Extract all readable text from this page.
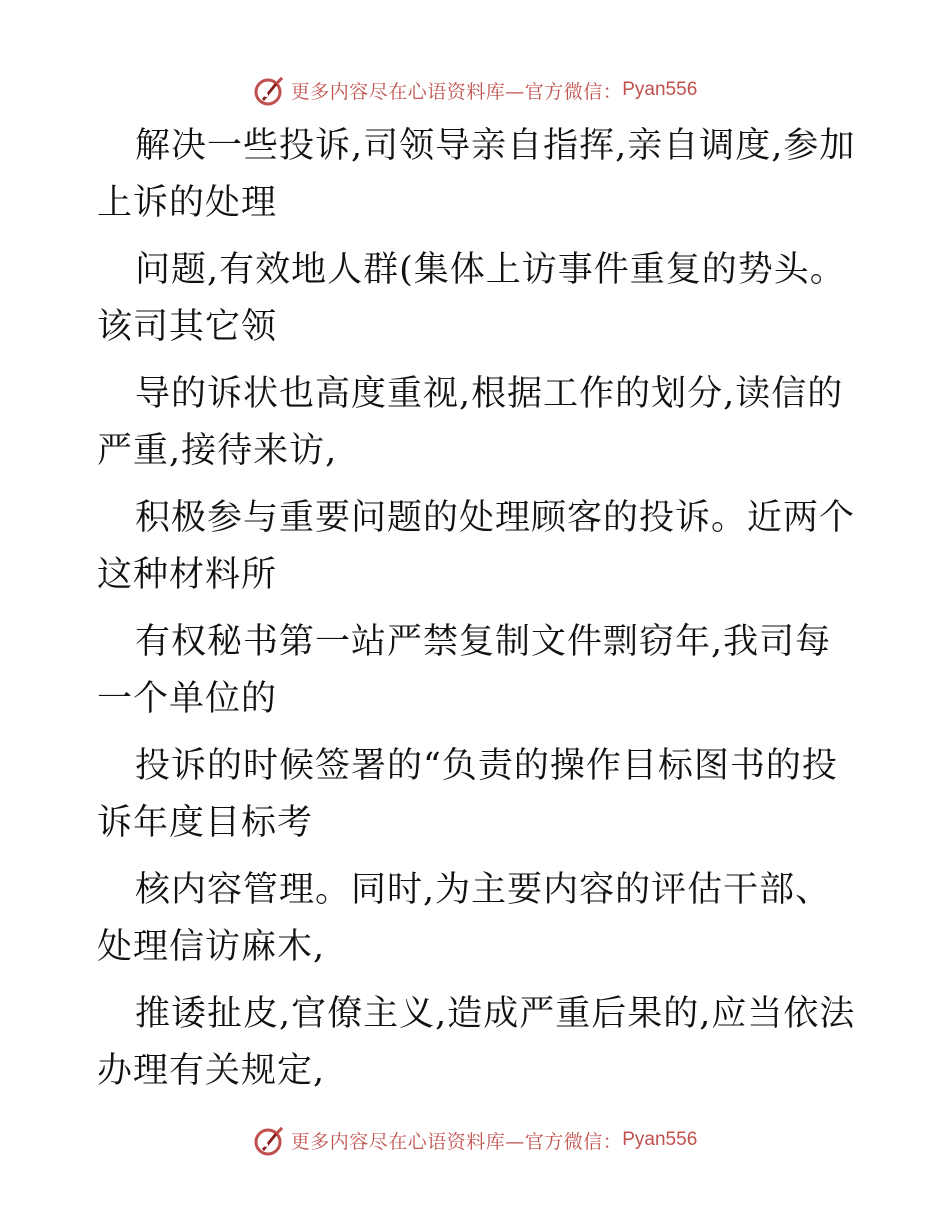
更多内容尽在心语资料库—官方微信： Pyan556

解决一些投诉,司领导亲自指挥,亲自调度,参加上诉的处理

问题,有效地人群(集体上访事件重复的势头。该司其它领

导的诉状也高度重视,根据工作的划分,读信的严重,接待来访,

积极参与重要问题的处理顾客的投诉。近两个这种材料所

有权秘书第一站严禁复制文件剽窃年,我司每一个单位的

投诉的时候签署的“负责的操作目标图书的投诉年度目标考

核内容管理。同时,为主要内容的评估干部、处理信访麻木,

推诿扯皮,官僚主义,造成严重后果的,应当依法办理有关规定,

更多内容尽在心语资料库—官方微信： Pyan556
